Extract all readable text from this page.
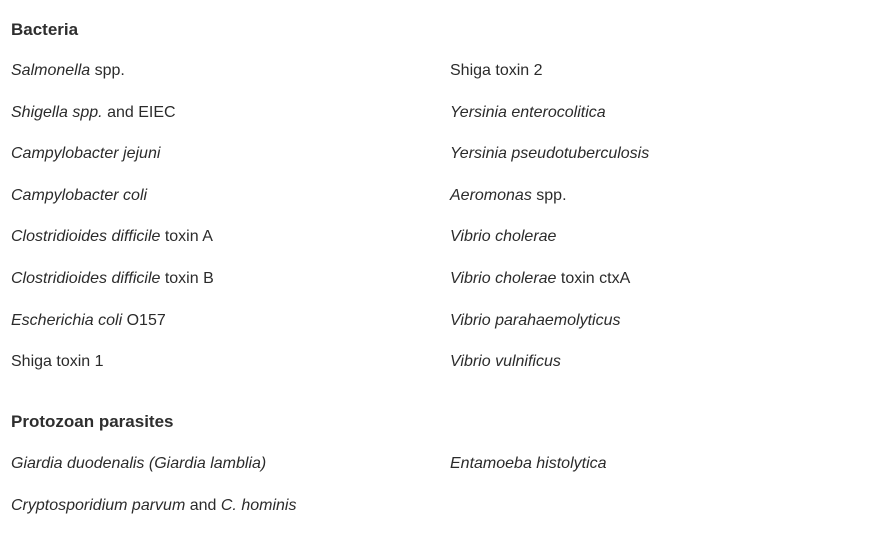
Bacteria
Salmonella spp.
Shigella spp. and EIEC
Campylobacter jejuni
Campylobacter coli
Clostridioides difficile toxin A
Clostridioides difficile toxin B
Escherichia coli O157
Shiga toxin 1
Shiga toxin 2
Yersinia enterocolitica
Yersinia pseudotuberculosis
Aeromonas spp.
Vibrio cholerae
Vibrio cholerae toxin ctxA
Vibrio parahaemolyticus
Vibrio vulnificus
Protozoan parasites
Giardia duodenalis (Giardia lamblia)
Cryptosporidium parvum and C. hominis
Entamoeba histolytica
